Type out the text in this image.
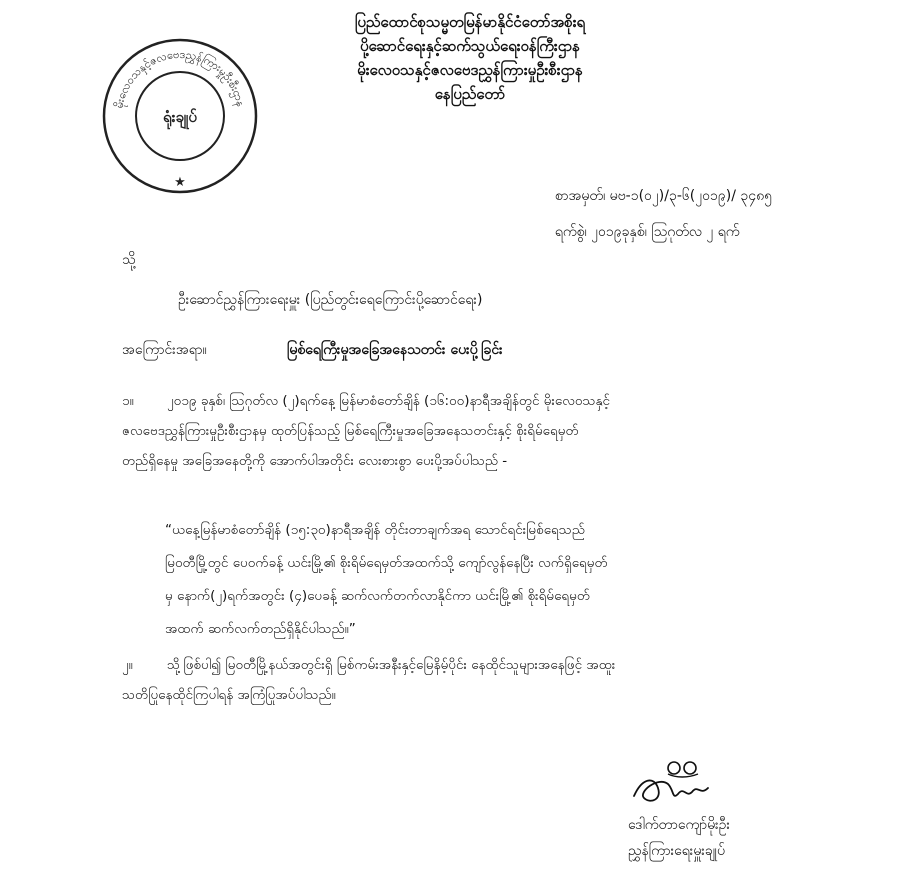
မိုးလေဝသနှင့်ဇလဗေဒညွှန်ကြားမှုဦးစီးဌာန
ရုံးချုပ်
★
ပြည်ထောင်စုသမ္မတမြန်မာနိုင်ငံတော်အစိုးရ
ပို့ဆောင်ရေးနှင့်ဆက်သွယ်ရေးဝန်ကြီးဌာန
မိုးလေဝသနှင့်ဇလဗေဒညွှန်ကြားမှုဦးစီးဌာန
နေပြည်တော်
စာအမှတ်၊ မဗ-၁(၀၂)/၃-၆(၂၀၁၉)/ ၃၄၈၅
ရက်စွဲ၊ ၂၀၁၉ခုနှစ်၊ ဩဂုတ်လ ၂ ရက်
သို့
ဦးဆောင်ညွှန်ကြားရေးမှူး (ပြည်တွင်းရေကြောင်းပို့ဆောင်ရေး)
အကြောင်းအရာ။	မြစ်ရေကြီးမှုအခြေအနေသတင်း ပေးပို့ခြင်း
၁။	၂၀၁၉ ခုနှစ်၊ ဩဂုတ်လ (၂)ရက်နေ့ မြန်မာစံတော်ချိန် (၁၆:၀၀)နာရီအချိန်တွင် မိုးလေဝသနှင့်
ဇလဗေဒညွှန်ကြားမှုဦးစီးဌာနမှ ထုတ်ပြန်သည့် မြစ်ရေကြီးမှုအခြေအနေသတင်းနှင့် စိုးရိမ်ရေမှတ်
တည်ရှိနေမှု အခြေအနေတို့ကို အောက်ပါအတိုင်း လေးစားစွာ ပေးပို့အပ်ပါသည် -
“ယနေ့မြန်မာစံတော်ချိန် (၁၅:၃၀)နာရီအချိန် တိုင်းတာချက်အရ သောင်ရင်းမြစ်ရေသည်
မြဝတီမြို့တွင် ပေ၀က်ခန့် ယင်းမြို့၏ စိုးရိမ်ရေမှတ်အထက်သို့ ကျော်လွန်နေပြီး လက်ရှိရေမှတ်
မှ နောက်(၂)ရက်အတွင်း (၄)ပေခန့် ဆက်လက်တက်လာနိုင်ကာ ယင်းမြို့၏ စိုးရိမ်ရေမှတ်
အထက် ဆက်လက်တည်ရှိနိုင်ပါသည်။”
၂။	သို့ဖြစ်ပါ၍ မြဝတီမြို့နယ်အတွင်းရှိ မြစ်ကမ်းအနီးနှင့်မြေနိမ့်ပိုင်း နေထိုင်သူများအနေဖြင့် အထူး
သတိပြုနေထိုင်ကြပါရန် အကြံပြုအပ်ပါသည်။
ဒေါက်တာကျော်မိုးဦး
ညွှန်ကြားရေးမှူးချုပ်
